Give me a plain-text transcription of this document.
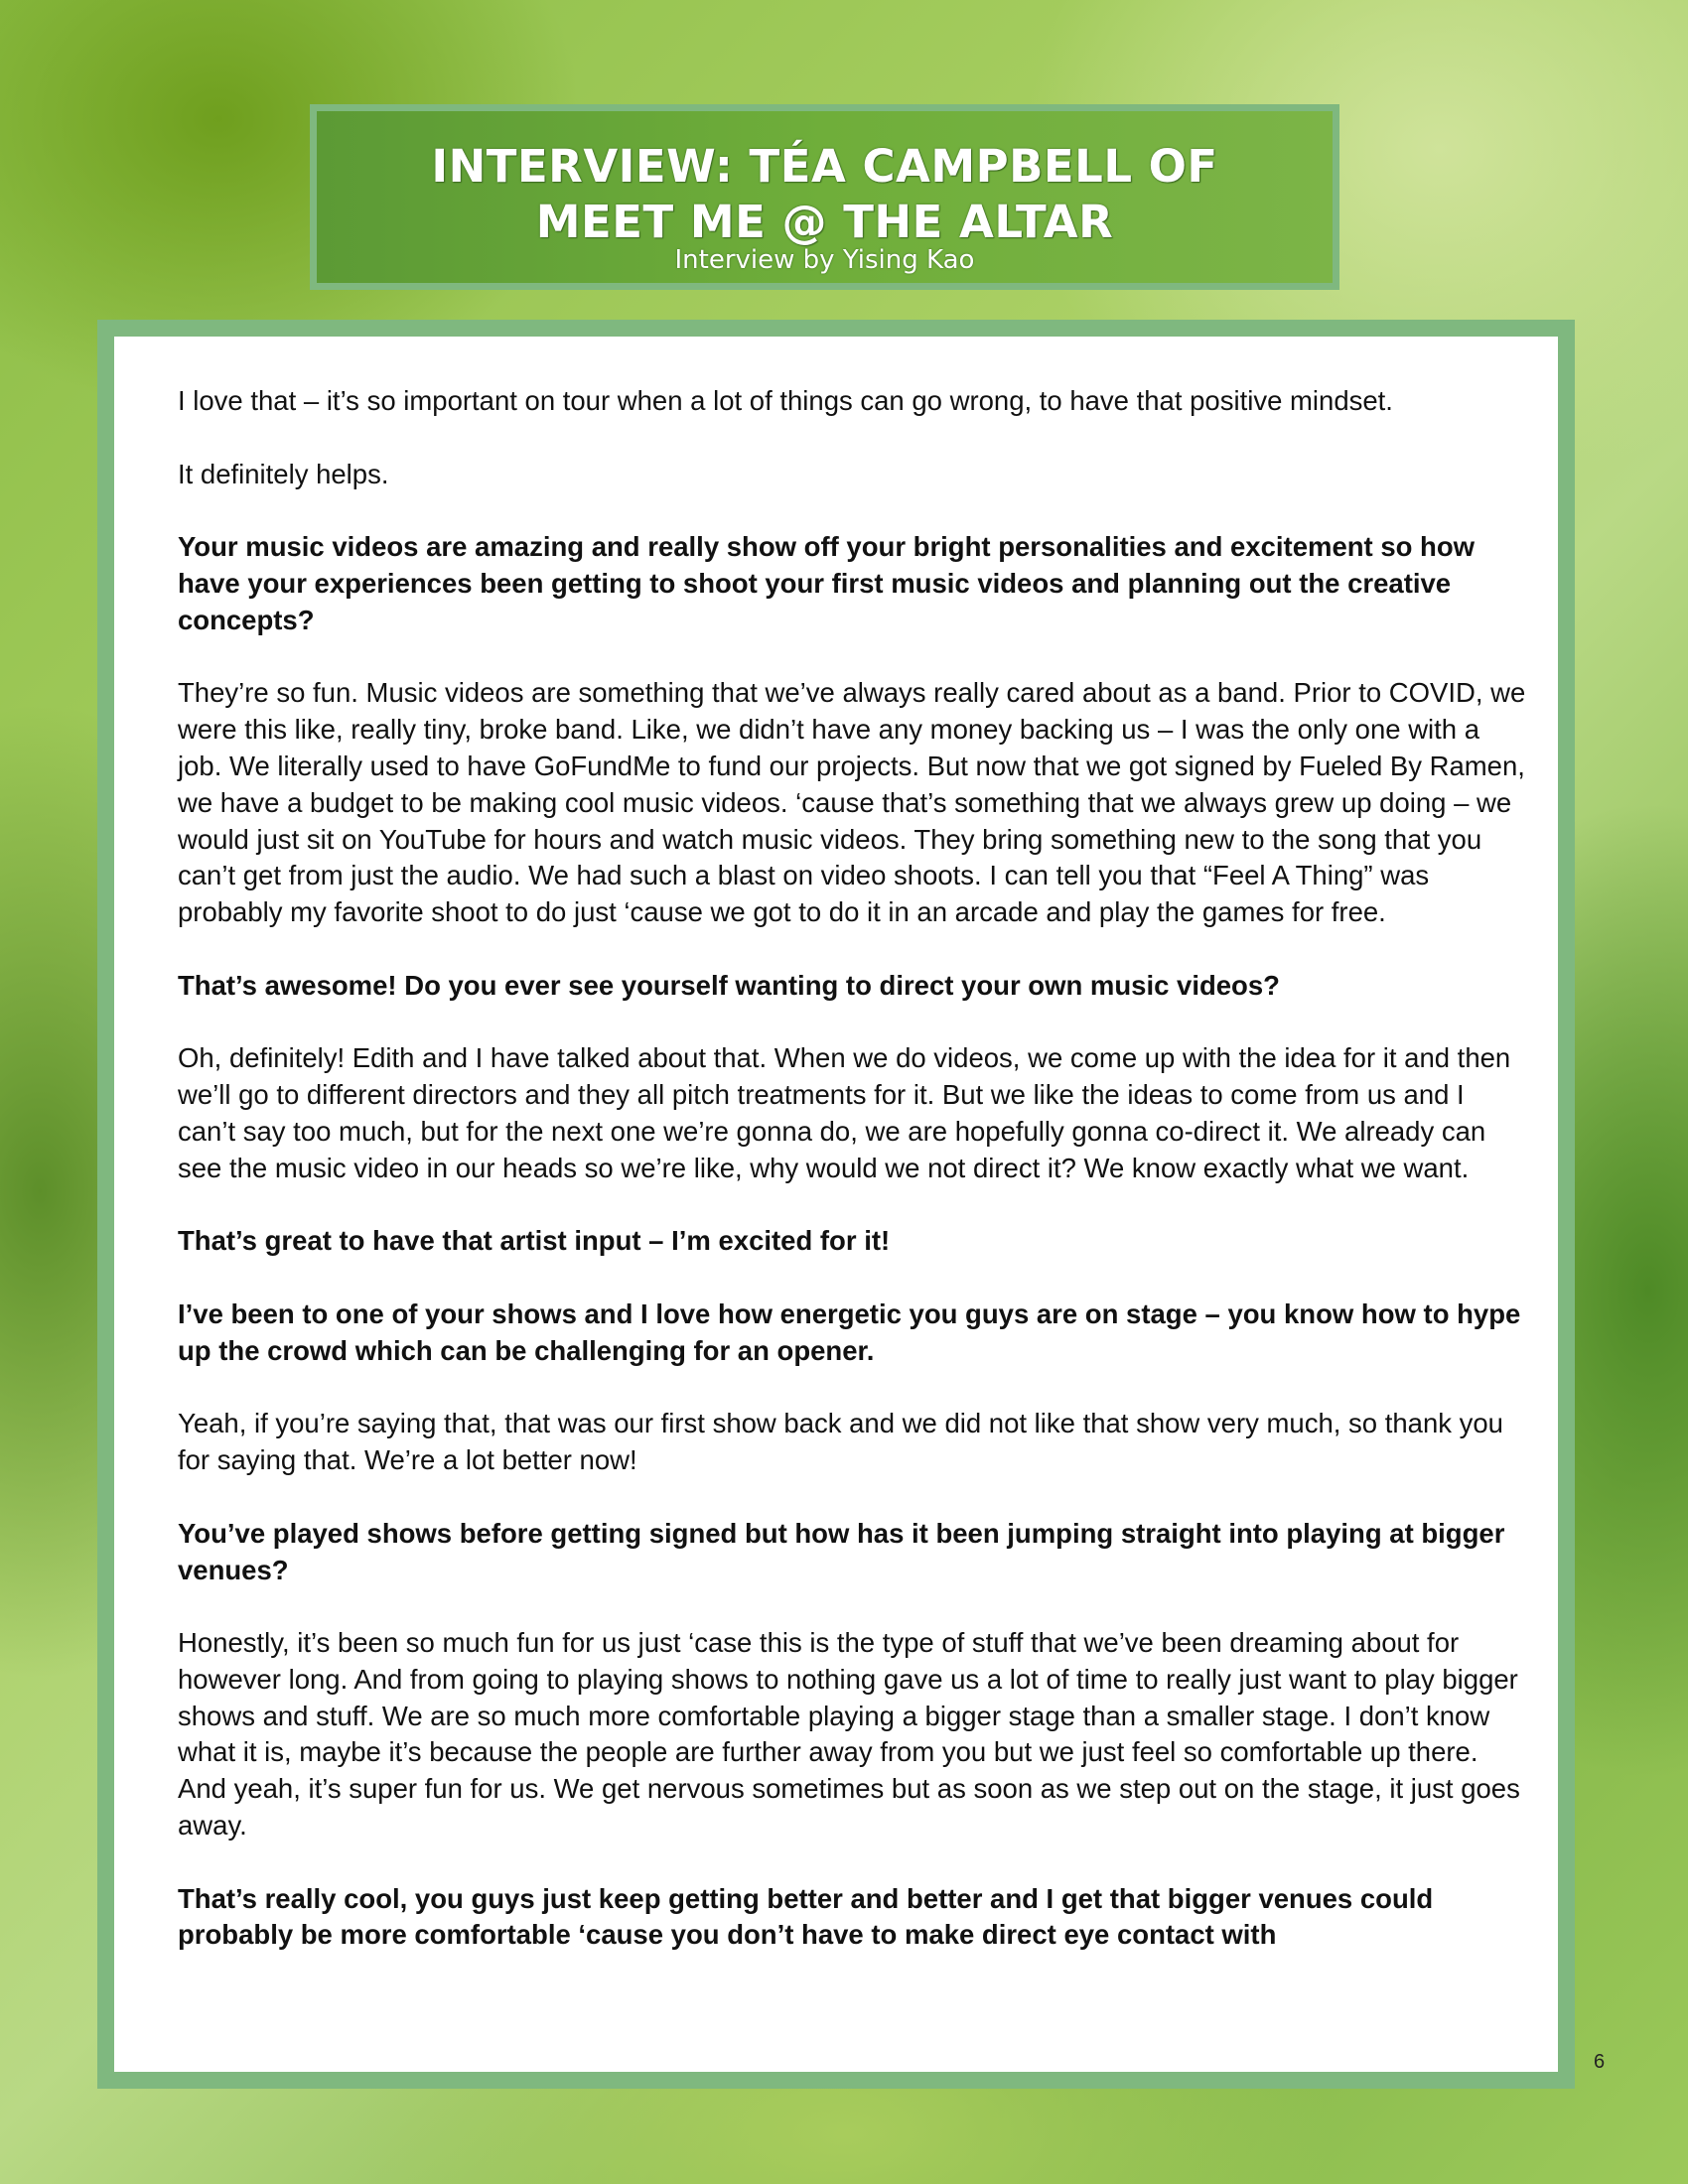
INTERVIEW: TÉA CAMPBELL OF
MEET ME @ THE ALTAR
Interview by Yising Kao

I love that – it’s so important on tour when a lot of things can go wrong, to have that positive mindset.

It definitely helps.

Your music videos are amazing and really show off your bright personalities and excitement so how have your experiences been getting to shoot your first music videos and planning out the creative concepts?

They’re so fun. Music videos are something that we’ve always really cared about as a band. Prior to COVID, we were this like, really tiny, broke band. Like, we didn’t have any money backing us – I was the only one with a job. We literally used to have GoFundMe to fund our projects. But now that we got signed by Fueled By Ramen, we have a budget to be making cool music videos. ‘cause that’s something that we always grew up doing – we would just sit on YouTube for hours and watch music videos. They bring something new to the song that you can’t get from just the audio. We had such a blast on video shoots. I can tell you that “Feel A Thing” was probably my favorite shoot to do just ‘cause we got to do it in an arcade and play the games for free.

That’s awesome! Do you ever see yourself wanting to direct your own music videos?

Oh, definitely! Edith and I have talked about that. When we do videos, we come up with the idea for it and then we’ll go to different directors and they all pitch treatments for it. But we like the ideas to come from us and I can’t say too much, but for the next one we’re gonna do, we are hopefully gonna co-direct it. We already can see the music video in our heads so we’re like, why would we not direct it? We know exactly what we want.

That’s great to have that artist input – I’m excited for it!

I’ve been to one of your shows and I love how energetic you guys are on stage – you know how to hype up the crowd which can be challenging for an opener.

Yeah, if you’re saying that, that was our first show back and we did not like that show very much, so thank you for saying that. We’re a lot better now!

You’ve played shows before getting signed but how has it been jumping straight into playing at bigger venues?

Honestly, it’s been so much fun for us just ‘case this is the type of stuff that we’ve been dreaming about for however long. And from going to playing shows to nothing gave us a lot of time to really just want to play bigger shows and stuff. We are so much more comfortable playing a bigger stage than a smaller stage. I don’t know what it is, maybe it’s because the people are further away from you but we just feel so comfortable up there. And yeah, it’s super fun for us. We get nervous sometimes but as soon as we step out on the stage, it just goes away.

That’s really cool, you guys just keep getting better and better and I get that bigger venues could probably be more comfortable ‘cause you don’t have to make direct eye contact with

6
